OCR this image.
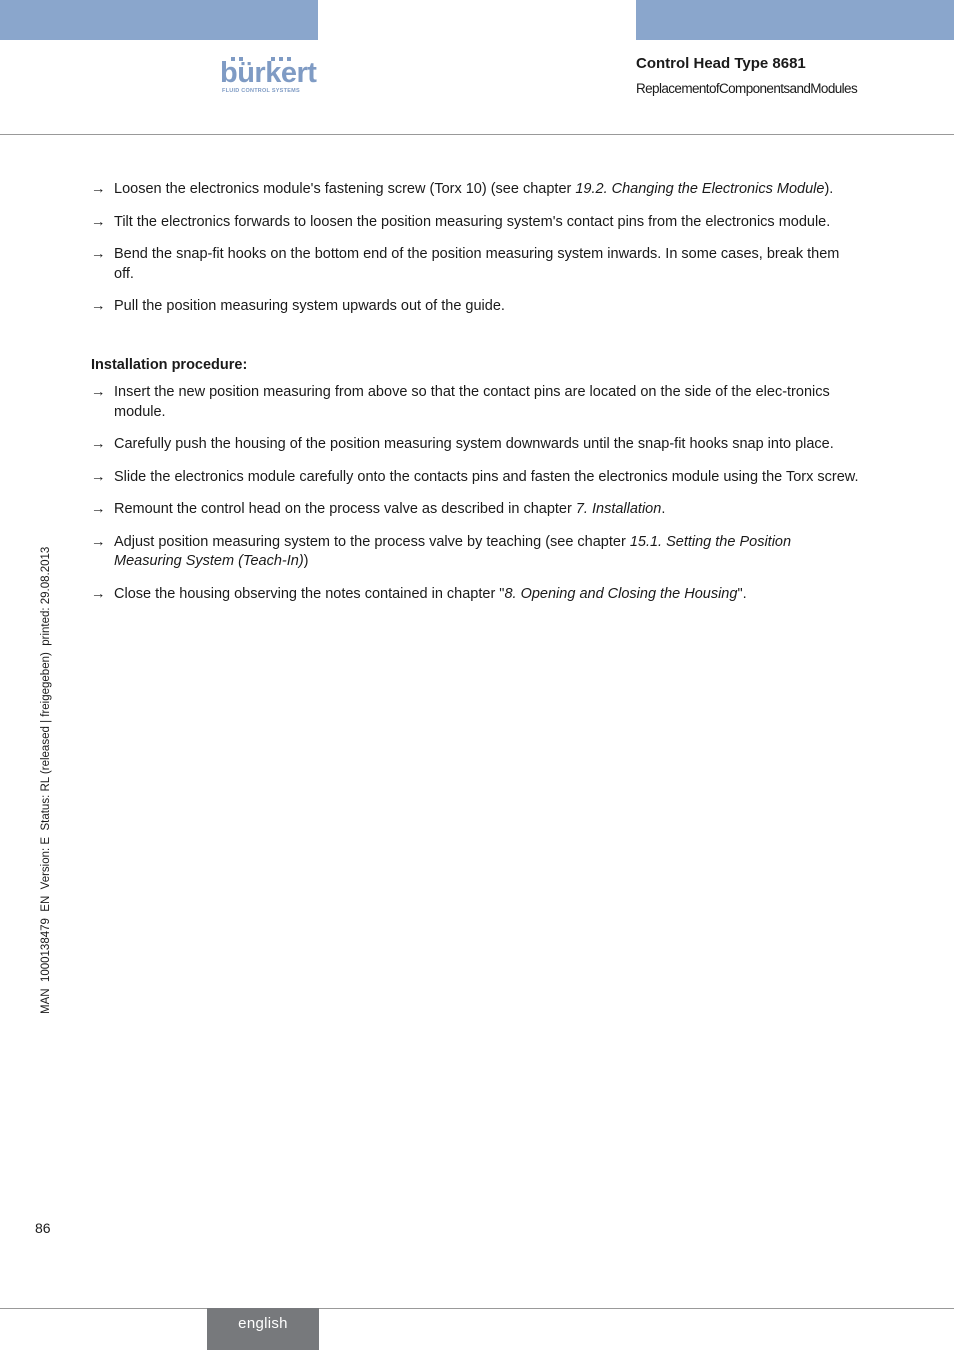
bürkert
FLUID CONTROL SYSTEMS
Control Head Type 8681
ReplacementofComponentsandModules
→ Loosen the electronics module's fastening screw (Torx 10) (see chapter 19.2. Changing the Electronics Module).
→ Tilt the electronics forwards to loosen the position measuring system's contact pins from the electronics module.
→ Bend the snap-fit hooks on the bottom end of the position measuring system inwards. In some cases, break them off.
→ Pull the position measuring system upwards out of the guide.
Installation procedure:
→ Insert the new position measuring from above so that the contact pins are located on the side of the elec-tronics module.
→ Carefully push the housing of the position measuring system downwards until the snap-fit hooks snap into place.
→ Slide the electronics module carefully onto the contacts pins and fasten the electronics module using the Torx screw.
→ Remount the control head on the process valve as described in chapter 7. Installation.
→ Adjust position measuring system to the process valve by teaching (see chapter 15.1. Setting the Position Measuring System (Teach-In))
→ Close the housing observing the notes contained in chapter "8. Opening and Closing the Housing".
MAN  1000138479  EN  Version: E  Status: RL (released | freigegeben)  printed: 29.08.2013
86
english
